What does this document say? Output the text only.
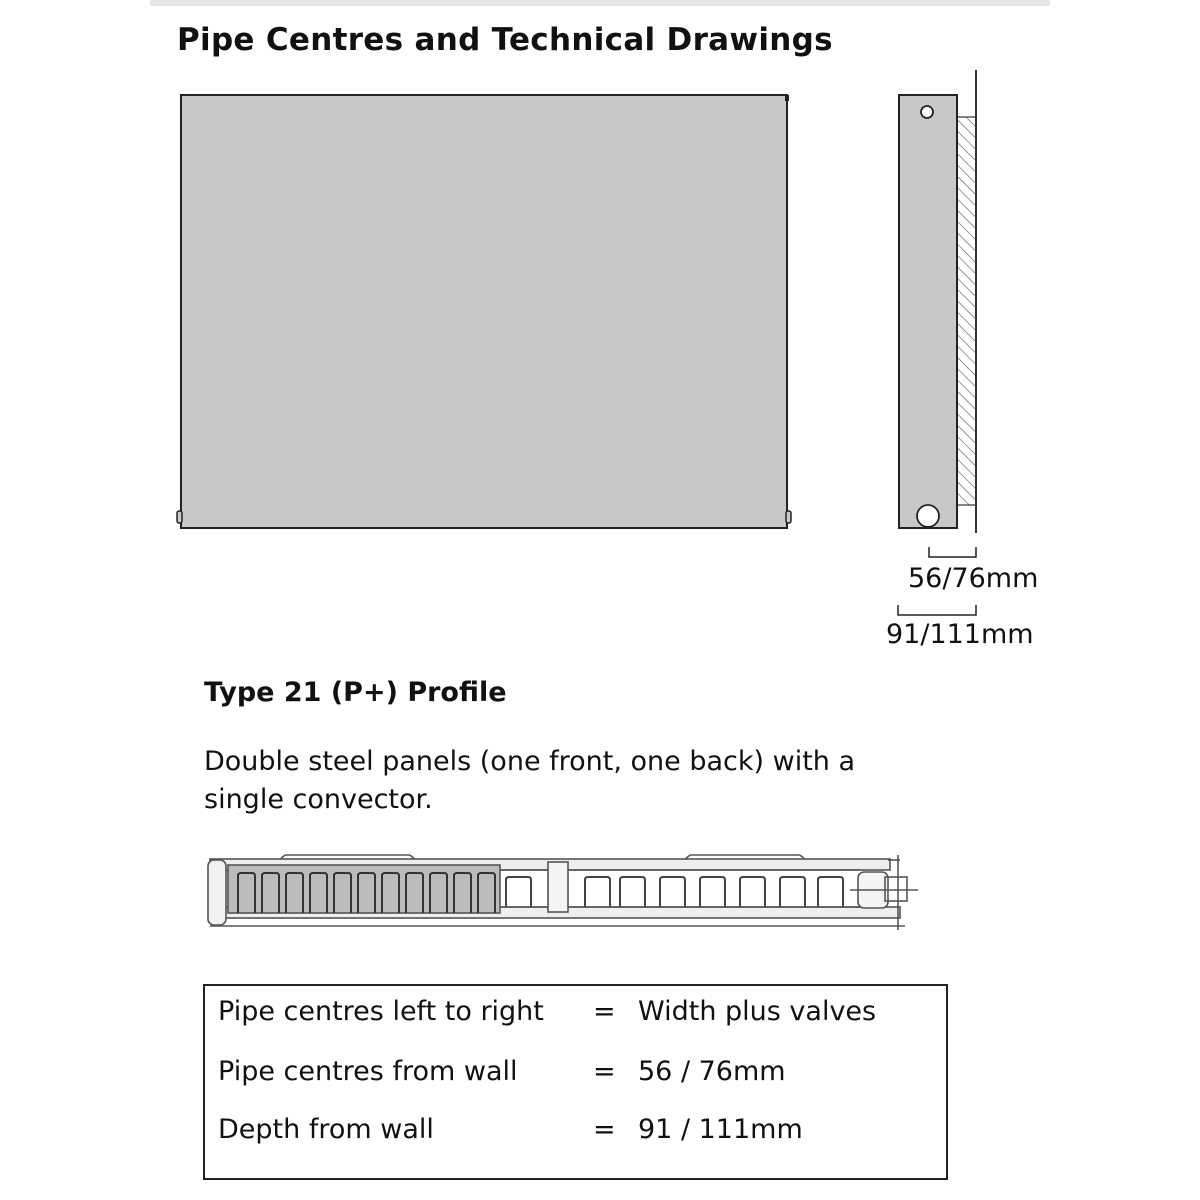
Pipe Centres and Technical Drawings
56/76mm
91/111mm
Type 21 (P+) Profile
Double steel panels (one front, one back) with a single convector.
Pipe centres left to right = Width plus valves
Pipe centres from wall	= 56 / 76mm
Depth from wall	= 91 / 111mm
